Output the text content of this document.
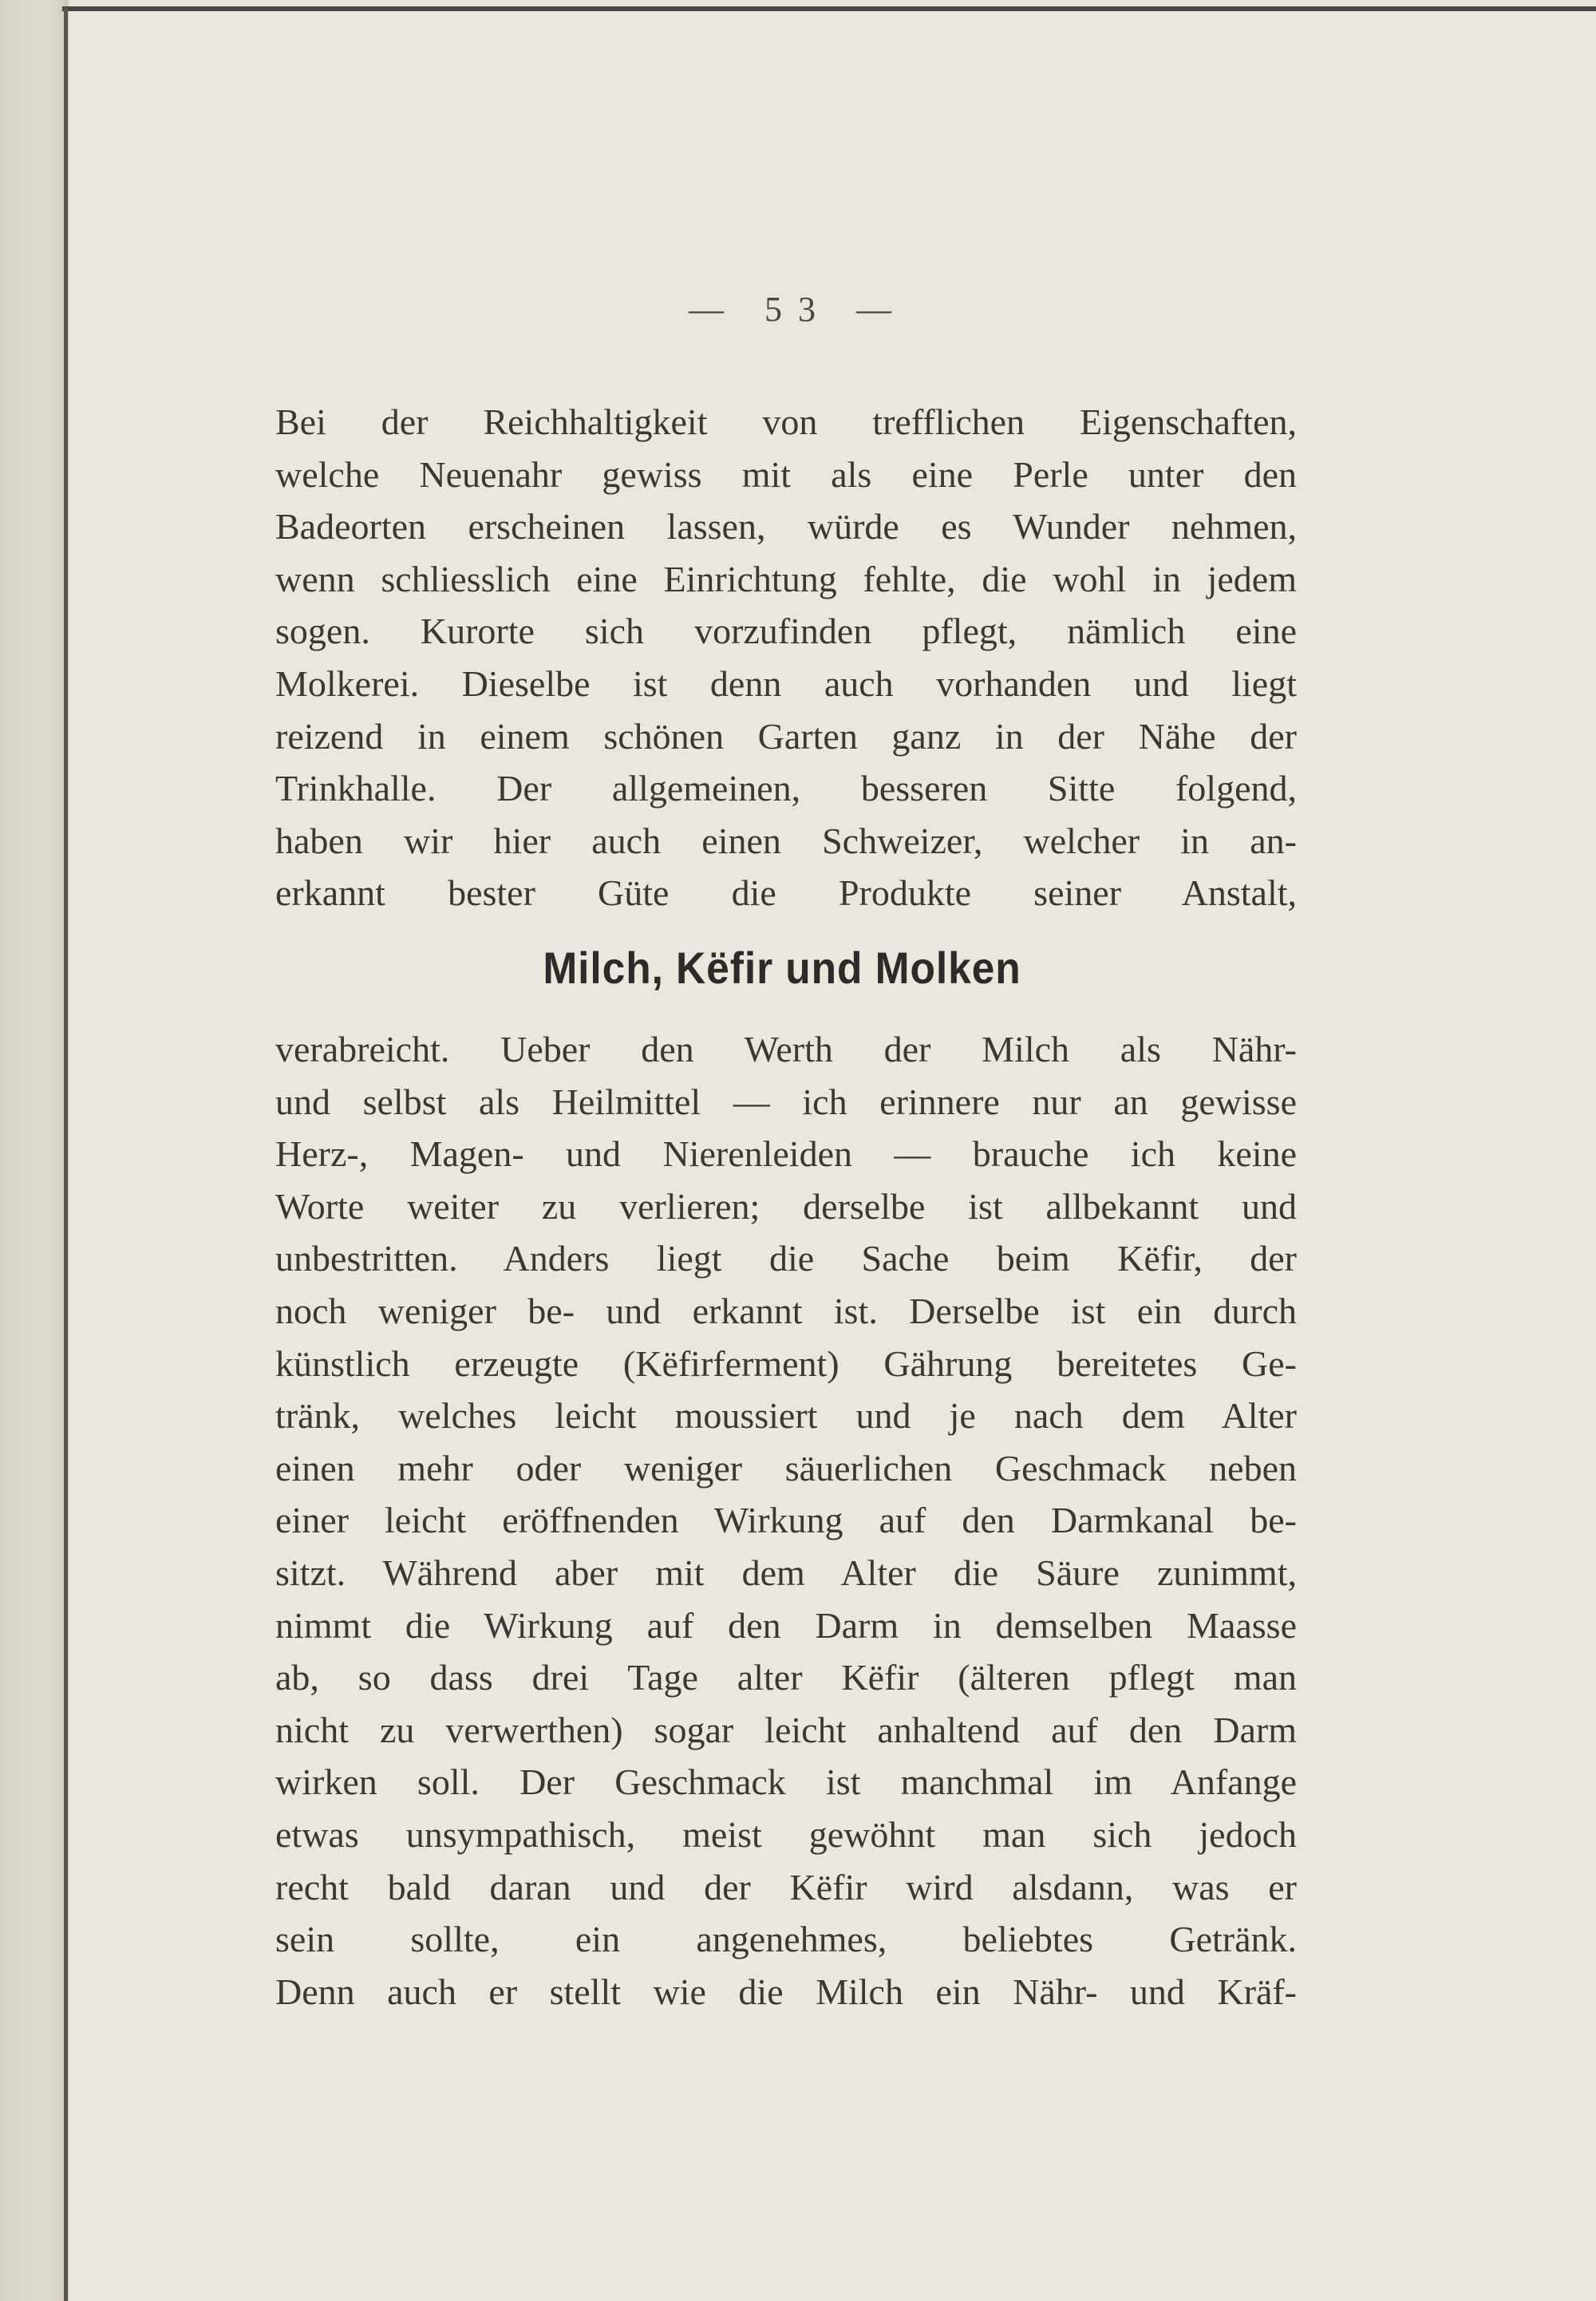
— 53 —
Bei der Reichhaltigkeit von trefflichen Eigenschaften,
welche Neuenahr gewiss mit als eine Perle unter den
Badeorten erscheinen lassen, würde es Wunder nehmen,
wenn schliesslich eine Einrichtung fehlte, die wohl in jedem
sogen. Kurorte sich vorzufinden pflegt, nämlich eine
Molkerei. Dieselbe ist denn auch vorhanden und liegt
reizend in einem schönen Garten ganz in der Nähe der
Trinkhalle. Der allgemeinen, besseren Sitte folgend,
haben wir hier auch einen Schweizer, welcher in an-
erkannt bester Güte die Produkte seiner Anstalt,
Milch, Këfir und Molken
verabreicht. Ueber den Werth der Milch als Nähr-
und selbst als Heilmittel — ich erinnere nur an gewisse
Herz-, Magen- und Nierenleiden — brauche ich keine
Worte weiter zu verlieren; derselbe ist allbekannt und
unbestritten. Anders liegt die Sache beim Këfir, der
noch weniger be- und erkannt ist. Derselbe ist ein durch
künstlich erzeugte (Këfirferment) Gährung bereitetes Ge-
tränk, welches leicht moussiert und je nach dem Alter
einen mehr oder weniger säuerlichen Geschmack neben
einer leicht eröffnenden Wirkung auf den Darmkanal be-
sitzt. Während aber mit dem Alter die Säure zunimmt,
nimmt die Wirkung auf den Darm in demselben Maasse
ab, so dass drei Tage alter Këfir (älteren pflegt man
nicht zu verwerthen) sogar leicht anhaltend auf den Darm
wirken soll. Der Geschmack ist manchmal im Anfange
etwas unsympathisch, meist gewöhnt man sich jedoch
recht bald daran und der Këfir wird alsdann, was er
sein sollte, ein angenehmes, beliebtes Getränk.
Denn auch er stellt wie die Milch ein Nähr- und Kräf-
